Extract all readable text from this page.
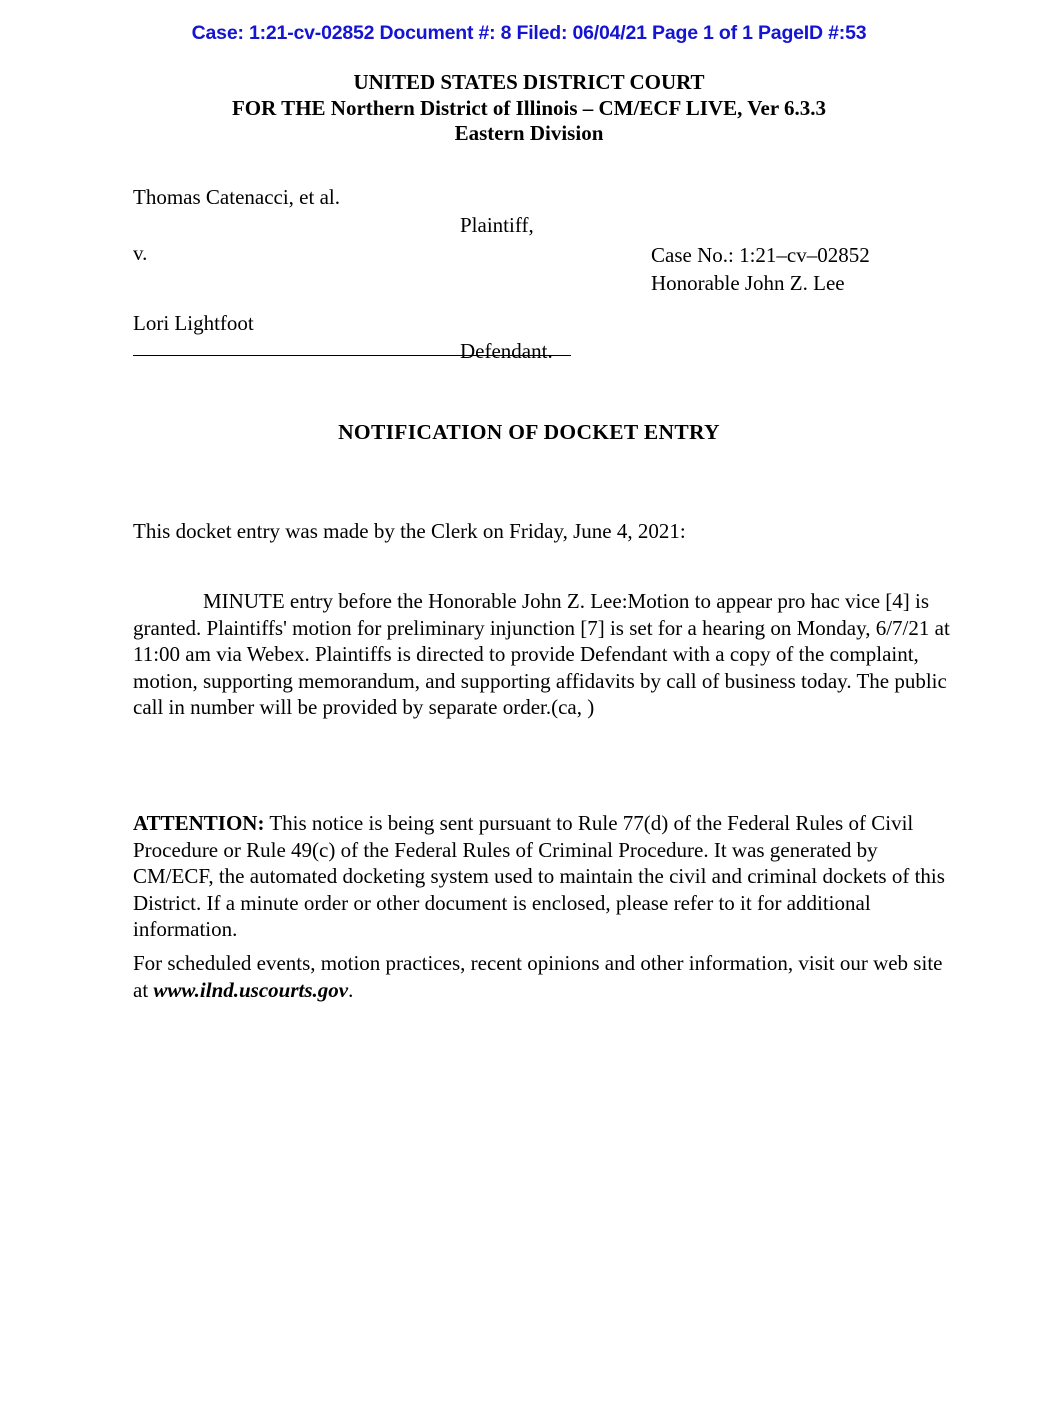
Case: 1:21-cv-02852 Document #: 8 Filed: 06/04/21 Page 1 of 1 PageID #:53
UNITED STATES DISTRICT COURT
FOR THE Northern District of Illinois – CM/ECF LIVE, Ver 6.3.3
Eastern Division
Thomas Catenacci, et al.
Plaintiff,
v.	Case No.: 1:21–cv–02852
Honorable John Z. Lee
Lori Lightfoot
Defendant.
NOTIFICATION OF DOCKET ENTRY
This docket entry was made by the Clerk on Friday, June 4, 2021:

MINUTE entry before the Honorable John Z. Lee:Motion to appear pro hac vice [4] is granted. Plaintiffs' motion for preliminary injunction [7] is set for a hearing on Monday, 6/7/21 at 11:00 am via Webex. Plaintiffs is directed to provide Defendant with a copy of the complaint, motion, supporting memorandum, and supporting affidavits by call of business today. The public call in number will be provided by separate order.(ca, )

ATTENTION: This notice is being sent pursuant to Rule 77(d) of the Federal Rules of Civil Procedure or Rule 49(c) of the Federal Rules of Criminal Procedure. It was generated by CM/ECF, the automated docketing system used to maintain the civil and criminal dockets of this District. If a minute order or other document is enclosed, please refer to it for additional information.

For scheduled events, motion practices, recent opinions and other information, visit our web site at www.ilnd.uscourts.gov.
